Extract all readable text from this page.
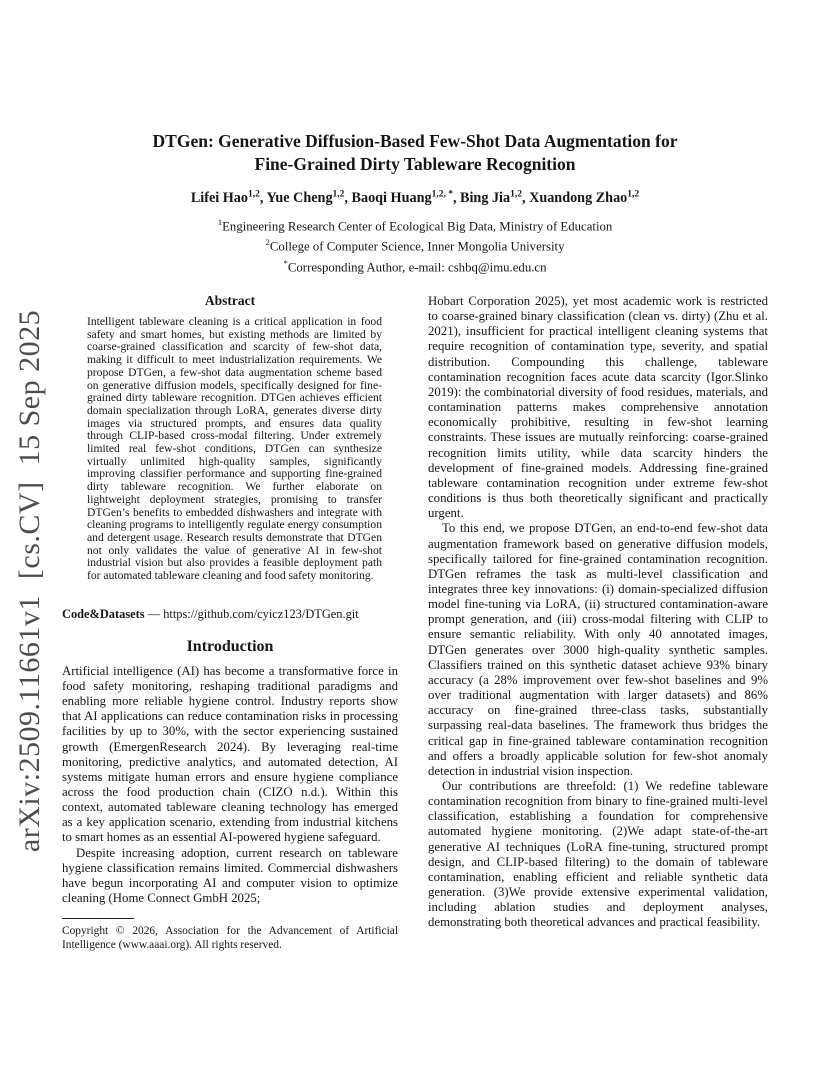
arXiv:2509.11661v1  [cs.CV]  15 Sep 2025
DTGen: Generative Diffusion-Based Few-Shot Data Augmentation for
Fine-Grained Dirty Tableware Recognition
Lifei Hao$^{1,2}$, Yue Cheng$^{1,2}$, Baoqi Huang$^{1,2, *}$, Bing Jia$^{1,2}$, Xuandong Zhao$^{1,2}$
$^1$Engineering Research Center of Ecological Big Data, Ministry of Education
$^2$College of Computer Science, Inner Mongolia University
*Corresponding Author, e-mail: cshbq@imu.edu.cn
Abstract

Intelligent tableware cleaning is a critical application in food safety and smart homes, but existing methods are limited by coarse-grained classification and scarcity of few-shot data, making it difficult to meet industrialization requirements. We propose DTGen, a few-shot data augmentation scheme based on generative diffusion models, specifically designed for fine-grained dirty tableware recognition. DTGen achieves efficient domain specialization through LoRA, generates diverse dirty images via structured prompts, and ensures data quality through CLIP-based cross-modal filtering. Under extremely limited real few-shot conditions, DTGen can synthesize virtually unlimited high-quality samples, significantly improving classifier performance and supporting fine-grained dirty tableware recognition. We further elaborate on lightweight deployment strategies, promising to transfer DTGen’s benefits to embedded dishwashers and integrate with cleaning programs to intelligently regulate energy consumption and detergent usage. Research results demonstrate that DTGen not only validates the value of generative AI in few-shot industrial vision but also provides a feasible deployment path for automated tableware cleaning and food safety monitoring.

Code&Datasets — https://github.com/cyicz123/DTGen.git

Introduction

Artificial intelligence (AI) has become a transformative force in food safety monitoring, reshaping traditional paradigms and enabling more reliable hygiene control. Industry reports show that AI applications can reduce contamination risks in processing facilities by up to 30%, with the sector experiencing sustained growth (EmergenResearch 2024). By leveraging real-time monitoring, predictive analytics, and automated detection, AI systems mitigate human errors and ensure hygiene compliance across the food production chain (CIZO n.d.). Within this context, automated tableware cleaning technology has emerged as a key application scenario, extending from industrial kitchens to smart homes as an essential AI-powered hygiene safeguard.

Despite increasing adoption, current research on tableware hygiene classification remains limited. Commercial dishwashers have begun incorporating AI and computer vision to optimize cleaning (Home Connect GmbH 2025;

Hobart Corporation 2025), yet most academic work is restricted to coarse-grained binary classification (clean vs. dirty) (Zhu et al. 2021), insufficient for practical intelligent cleaning systems that require recognition of contamination type, severity, and spatial distribution. Compounding this challenge, tableware contamination recognition faces acute data scarcity (Igor.Slinko 2019): the combinatorial diversity of food residues, materials, and contamination patterns makes comprehensive annotation economically prohibitive, resulting in few-shot learning constraints. These issues are mutually reinforcing: coarse-grained recognition limits utility, while data scarcity hinders the development of fine-grained models. Addressing fine-grained tableware contamination recognition under extreme few-shot conditions is thus both theoretically significant and practically urgent.

To this end, we propose DTGen, an end-to-end few-shot data augmentation framework based on generative diffusion models, specifically tailored for fine-grained contamination recognition. DTGen reframes the task as multi-level classification and integrates three key innovations: (i) domain-specialized diffusion model fine-tuning via LoRA, (ii) structured contamination-aware prompt generation, and (iii) cross-modal filtering with CLIP to ensure semantic reliability. With only 40 annotated images, DTGen generates over 3000 high-quality synthetic samples. Classifiers trained on this synthetic dataset achieve 93% binary accuracy (a 28% improvement over few-shot baselines and 9% over traditional augmentation with larger datasets) and 86% accuracy on fine-grained three-class tasks, substantially surpassing real-data baselines. The framework thus bridges the critical gap in fine-grained tableware contamination recognition and offers a broadly applicable solution for few-shot anomaly detection in industrial vision inspection.

Our contributions are threefold: (1) We redefine tableware contamination recognition from binary to fine-grained multi-level classification, establishing a foundation for comprehensive automated hygiene monitoring. (2)We adapt state-of-the-art generative AI techniques (LoRA fine-tuning, structured prompt design, and CLIP-based filtering) to the domain of tableware contamination, enabling efficient and reliable synthetic data generation. (3)We provide extensive experimental validation, including ablation studies and deployment analyses, demonstrating both theoretical advances and practical feasibility.

Copyright © 2026, Association for the Advancement of Artificial Intelligence (www.aaai.org). All rights reserved.
